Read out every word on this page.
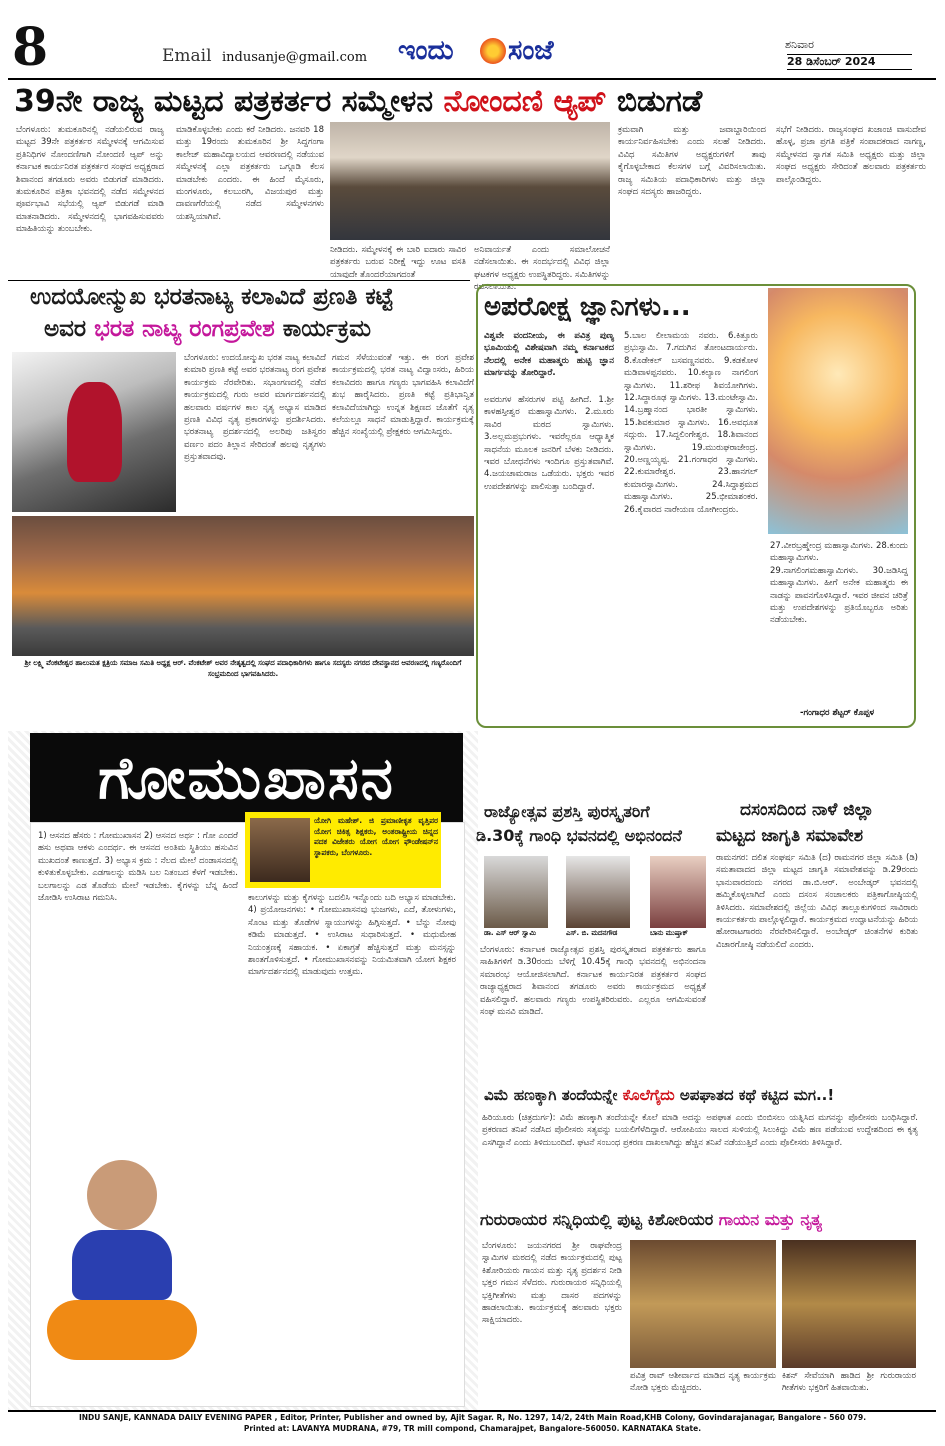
8	Email indusanje@gmail.com ಇಂದು ಸಂಜೆ	ಶನಿವಾರ
28 ಡಿಸೆಂಬರ್ 2024
39ನೇ ರಾಜ್ಯ ಮಟ್ಟದ ಪತ್ರಕರ್ತರ ಸಮ್ಮೇಳನ ನೋಂದಣಿ ಆ್ಯಪ್ ಬಿಡುಗಡೆ
ಬೆಂಗಳೂರು: ತುಮಕೂರಿನಲ್ಲಿ ನಡೆಯಲಿರುವ ರಾಜ್ಯ ಮಟ್ಟದ 39ನೇ ಪತ್ರಕರ್ತರ ಸಮ್ಮೇಳನಕ್ಕೆ ಆಗಮಿಸುವ ಪ್ರತಿನಿಧಿಗಳ ನೋಂದಣಿಗಾಗಿ ನೋಂದಣಿ ಆ್ಯಪ್ ಅನ್ನು ಕರ್ನಾಟಕ ಕಾರ್ಯನಿರತ ಪತ್ರಕರ್ತರ ಸಂಘದ ಅಧ್ಯಕ್ಷರಾದ ಶಿವಾನಂದ ತಗಡೂರು ಅವರು ಬಿಡುಗಡೆ ಮಾಡಿದರು. ತುಮಕೂರಿನ ಪತ್ರಿಕಾ ಭವನದಲ್ಲಿ ನಡೆದ ಸಮ್ಮೇಳನದ ಪೂರ್ವಭಾವಿ ಸಭೆಯಲ್ಲಿ ಆ್ಯಪ್ ಬಿಡುಗಡೆ ಮಾಡಿ ಮಾತನಾಡಿದರು. ಸಮ್ಮೇಳನದಲ್ಲಿ ಭಾಗವಹಿಸುವವರು ಮಾಹಿತಿಯನ್ನು ತುಂಬಬೇಕು.
ಮಾಡಿಕೊಳ್ಳಬೇಕು ಎಂದು ಕರೆ ನೀಡಿದರು. ಜನವರಿ 18 ಮತ್ತು 19ರಂದು ತುಮಕೂರಿನ ಶ್ರೀ ಸಿದ್ದಗಂಗಾ ಕಾಲೇಜ್ ಮಹಾವಿದ್ಯಾಲಯದ ಆವರಣದಲ್ಲಿ ನಡೆಯುವ ಸಮ್ಮೇಳನಕ್ಕೆ ಎಲ್ಲಾ ಪತ್ರಕರ್ತರು ಒಗ್ಗೂಡಿ ಕೆಲಸ ಮಾಡಬೇಕು ಎಂದರು. ಈ ಹಿಂದೆ ಮೈಸೂರು, ಮಂಗಳೂರು, ಕಲಬುರಗಿ, ವಿಜಯಪುರ ಮತ್ತು ದಾವಣಗೆರೆಯಲ್ಲಿ ನಡೆದ ಸಮ್ಮೇಳನಗಳು ಯಶಸ್ವಿಯಾಗಿವೆ.
ನೀಡಿದರು. ಸಮ್ಮೇಳನಕ್ಕೆ ಈ ಬಾರಿ ಐದಾರು ಸಾವಿರ ಪತ್ರಕರ್ತರು ಬರುವ ನಿರೀಕ್ಷೆ ಇದ್ದು ಊಟ ವಸತಿ ಯಾವುದೇ ತೊಂದರೆಯಾಗದಂತೆ
ಅನಿವಾರ್ಯತೆ ಎಂದು ಸಮಾಲೋಚನೆ ನಡೆಸಲಾಯಿತು. ಈ ಸಂದರ್ಭದಲ್ಲಿ ವಿವಿಧ ಜಿಲ್ಲಾ ಘಟಕಗಳ ಅಧ್ಯಕ್ಷರು ಉಪಸ್ಥಿತರಿದ್ದರು. ಸಮಿತಿಗಳನ್ನು ರಚಿಸಲಾಯಿತು.
ಕ್ರಮವಾಗಿ ಮತ್ತು ಜವಾಬ್ದಾರಿಯಿಂದ ಕಾರ್ಯನಿರ್ವಹಿಸಬೇಕು ಎಂದು ಸಲಹೆ ನೀಡಿದರು. ವಿವಿಧ ಸಮಿತಿಗಳ ಅಧ್ಯಕ್ಷರುಗಳಿಗೆ ತಾವು ಕೈಗೊಳ್ಳಬೇಕಾದ ಕೆಲಸಗಳ ಬಗ್ಗೆ ವಿವರಿಸಲಾಯಿತು. ರಾಜ್ಯ ಸಮಿತಿಯ ಪದಾಧಿಕಾರಿಗಳು ಮತ್ತು ಜಿಲ್ಲಾ ಸಂಘದ ಸದಸ್ಯರು ಹಾಜರಿದ್ದರು.
ಸಭೆಗೆ ನೀಡಿದರು. ರಾಜ್ಯಸಂಘದ ಖಜಾಂಚಿ ವಾಸುದೇವ ಹೊಳ್ಳ, ಪ್ರಜಾ ಪ್ರಗತಿ ಪತ್ರಿಕೆ ಸಂಪಾದಕರಾದ ನಾಗಣ್ಣ, ಸಮ್ಮೇಳನದ ಸ್ವಾಗತ ಸಮಿತಿ ಅಧ್ಯಕ್ಷರು ಮತ್ತು ಜಿಲ್ಲಾ ಸಂಘದ ಅಧ್ಯಕ್ಷರು ಸೇರಿದಂತೆ ಹಲವಾರು ಪತ್ರಕರ್ತರು ಪಾಲ್ಗೊಂಡಿದ್ದರು.
ಉದಯೋನ್ಮುಖ ಭರತನಾಟ್ಯ ಕಲಾವಿದೆ ಪ್ರಣತಿ ಕಟ್ಟೆ
ಅವರ ಭರತ ನಾಟ್ಯ ರಂಗಪ್ರವೇಶ ಕಾರ್ಯಕ್ರಮ
ಬೆಂಗಳೂರು: ಉದಯೋನ್ಮುಖ ಭರತ ನಾಟ್ಯ ಕಲಾವಿದೆ ಕುಮಾರಿ ಪ್ರಣತಿ ಕಟ್ಟೆ ಅವರ ಭರತನಾಟ್ಯ ರಂಗ ಪ್ರವೇಶ ಕಾರ್ಯಕ್ರಮ ನೆರವೇರಿತು. ಸಭಾಂಗಣದಲ್ಲಿ ನಡೆದ ಕಾರ್ಯಕ್ರಮದಲ್ಲಿ ಗುರು ಅವರ ಮಾರ್ಗದರ್ಶನದಲ್ಲಿ ಹಲವಾರು ವರ್ಷಗಳ ಕಾಲ ನೃತ್ಯ ಅಭ್ಯಾಸ ಮಾಡಿದ ಪ್ರಣತಿ ವಿವಿಧ ನೃತ್ಯ ಪ್ರಕಾರಗಳನ್ನು ಪ್ರದರ್ಶಿಸಿದರು. ಭರತನಾಟ್ಯ ಪ್ರದರ್ಶನದಲ್ಲಿ ಅಲರಿಪು ಜತಿಸ್ವರಂ ವರ್ಣಂ ಪದಂ ತಿಲ್ಲಾನ ಸೇರಿದಂತೆ ಹಲವು ನೃತ್ಯಗಳು ಪ್ರಸ್ತುತವಾದವು.
ಗಮನ ಸೆಳೆಯುವಂತೆ ಇತ್ತು. ಈ ರಂಗ ಪ್ರವೇಶ ಕಾರ್ಯಕ್ರಮದಲ್ಲಿ ಭರತ ನಾಟ್ಯ ವಿದ್ವಾಂಸರು, ಹಿರಿಯ ಕಲಾವಿದರು ಹಾಗೂ ಗಣ್ಯರು ಭಾಗವಹಿಸಿ ಕಲಾವಿದೆಗೆ ಶುಭ ಹಾರೈಸಿದರು. ಪ್ರಣತಿ ಕಟ್ಟೆ ಪ್ರತಿಭಾನ್ವಿತ ಕಲಾವಿದೆಯಾಗಿದ್ದು ಉನ್ನತ ಶಿಕ್ಷಣದ ಜೊತೆಗೆ ನೃತ್ಯ ಕಲೆಯಲ್ಲೂ ಸಾಧನೆ ಮಾಡುತ್ತಿದ್ದಾರೆ. ಕಾರ್ಯಕ್ರಮಕ್ಕೆ ಹೆಚ್ಚಿನ ಸಂಖ್ಯೆಯಲ್ಲಿ ಪ್ರೇಕ್ಷಕರು ಆಗಮಿಸಿದ್ದರು.
ಶ್ರೀ ಲಕ್ಷ್ಮಿ ವೆಂಕಟೇಶ್ವರ ಹಾಲುಮತ ಕ್ಷತ್ರಿಯ ಸಮಾಜ ಸಮಿತಿ ಅಧ್ಯಕ್ಷ ಆರ್. ವೆಂಕಟೇಶ್ ಅವರ ನೇತೃತ್ವದಲ್ಲಿ ಸಂಘದ ಪದಾಧಿಕಾರಿಗಳು ಹಾಗೂ ಸದಸ್ಯರು ನಗರದ ದೇವಸ್ಥಾನದ ಆವರಣದಲ್ಲಿ ಗಣ್ಯರೊಂದಿಗೆ ಸಂಭ್ರಮದಿಂದ ಭಾಗವಹಿಸಿದರು.
ಅಪರೋಕ್ಷ ಜ್ಞಾನಿಗಳು...
ವಿಶ್ವವೇ ವಂದನೀಯ, ಈ ಪವಿತ್ರ ಪುಣ್ಯ ಭೂಮಿಯಲ್ಲಿ ವಿಶೇಷವಾಗಿ ನಮ್ಮ ಕರ್ನಾಟಕದ ನೆಲದಲ್ಲಿ ಅನೇಕ ಮಹಾತ್ಮರು ಹುಟ್ಟಿ ಜ್ಞಾನ ಮಾರ್ಗವನ್ನು ತೋರಿದ್ದಾರೆ.
ಅವರುಗಳ ಹೆಸರುಗಳ ಪಟ್ಟಿ ಹೀಗಿದೆ. 1.ಶ್ರೀ ಕಾಳಹಸ್ತೀಶ್ವರ ಮಹಾಸ್ವಾಮಿಗಳು. 2.ಮೂರು ಸಾವಿರ ಮಠದ ಸ್ವಾಮಿಗಳು. 3.ಅಲ್ಲಮಪ್ರಭುಗಳು. ಇವರೆಲ್ಲರೂ ಆಧ್ಯಾತ್ಮಿಕ ಸಾಧನೆಯ ಮೂಲಕ ಜನರಿಗೆ ಬೆಳಕು ನೀಡಿದರು. ಇವರ ಬೋಧನೆಗಳು ಇಂದಿಗೂ ಪ್ರಸ್ತುತವಾಗಿವೆ. 4.ಜಯಚಾಮರಾಜ ಒಡೆಯರು. ಭಕ್ತರು ಇವರ ಉಪದೇಶಗಳನ್ನು ಪಾಲಿಸುತ್ತಾ ಬಂದಿದ್ದಾರೆ.
5.ಬಾಲ ಲೀಲಾಮಯ ನವರು. 6.ಕಿತ್ತೂರು ಪ್ರಭುಸ್ವಾಮಿ. 7.ಗದುಗಿನ ತೋಂಟದಾರ್ಯರು. 8.ಕೊಡೇಕಲ್ ಬಸವಣ್ಣನವರು. 9.ಕಡಕೋಳ ಮಡಿವಾಳಪ್ಪನವರು. 10.ಕಲ್ಯಾಣ ನಾಗಲಿಂಗ ಸ್ವಾಮಿಗಳು. 11.ಶರೀಫ ಶಿವಯೋಗಿಗಳು. 12.ಸಿದ್ಧಾರೂಢ ಸ್ವಾಮಿಗಳು. 13.ಮಂಟೇಸ್ವಾಮಿ. 14.ಬ್ರಹ್ಮಾನಂದ ಭಾರತೀ ಸ್ವಾಮಿಗಳು. 15.ಶಿವಕುಮಾರ ಸ್ವಾಮಿಗಳು. 16.ಅವಧೂತ ಸದ್ಗುರು. 17.ಸಿದ್ದಲಿಂಗೇಶ್ವರ. 18.ಶಿವಾನಂದ ಸ್ವಾಮಿಗಳು. 19.ಮುರುಘರಾಜೇಂದ್ರ. 20.ಅಣ್ಣಯ್ಯಪ್ಪ. 21.ಗಂಗಾಧರ ಸ್ವಾಮಿಗಳು. 22.ಕುಮಾರೇಶ್ವರ. 23.ಹಾನಗಲ್ ಕುಮಾರಸ್ವಾಮಿಗಳು. 24.ಸಿದ್ದಾಶ್ರಮದ ಮಹಾಸ್ವಾಮಿಗಳು. 25.ಭೀಮಾಶಂಕರ. 26.ಕೈವಾರದ ನಾರೇಯಣ ಯೋಗೀಂದ್ರರು.
27.ವೀರಬ್ರಹ್ಮೇಂದ್ರ ಮಹಾಸ್ವಾಮಿಗಳು. 28.ಕುಂದು ಮಹಾಸ್ವಾಮಿಗಳು. 29.ನಾಗಲಿಂಗಮಹಾಸ್ವಾಮಿಗಳು. 30.ಜಡಿಸಿದ್ದ ಮಹಾಸ್ವಾಮಿಗಳು. ಹೀಗೆ ಅನೇಕ ಮಹಾತ್ಮರು ಈ ನಾಡನ್ನು ಪಾವನಗೊಳಿಸಿದ್ದಾರೆ. ಇವರ ಜೀವನ ಚರಿತ್ರೆ ಮತ್ತು ಉಪದೇಶಗಳನ್ನು ಪ್ರತಿಯೊಬ್ಬರೂ ಅರಿತು ನಡೆಯಬೇಕು.
-ಗಂಗಾಧರ ಶೆಟ್ಟರ್ ಕೊಪ್ಪಳ
ಗೋಮುಖಾಸನ
ಯೋಗಿ ಮಹೇಶ್. ಜಿ ಪ್ರಮಾಣೀಕೃತ ವೃತ್ತಿಪರ ಯೋಗ ಚಿಕಿತ್ಸ ಶಿಕ್ಷಕರು, ಅಂತರಾಷ್ಟ್ರೀಯ ಚಿನ್ನದ ಪದಕ ವಿಜೇತರು ಯೋಗ ಯೋಗ ಫೌಂಡೇಷನ್‌ನ ಸ್ಥಾಪಕರು, ಬೆಂಗಳೂರು.
1) ಆಸನದ ಹೆಸರು : ಗೋಮುಖಾಸನ 2) ಆಸನದ ಅರ್ಥ : ಗೋ ಎಂದರೆ ಹಸು ಅಥವಾ ಆಕಳು ಎಂದರ್ಥ. ಈ ಆಸನದ ಅಂತಿಮ ಸ್ಥಿತಿಯು ಹಸುವಿನ ಮುಖದಂತೆ ಕಾಣುತ್ತದೆ. 3) ಅಭ್ಯಾಸ ಕ್ರಮ : ನೆಲದ ಮೇಲೆ ದಂಡಾಸನದಲ್ಲಿ ಕುಳಿತುಕೊಳ್ಳಬೇಕು. ಎಡಗಾಲನ್ನು ಮಡಿಸಿ ಬಲ ನಿತಂಬದ ಕೆಳಗೆ ಇಡಬೇಕು. ಬಲಗಾಲನ್ನು ಎಡ ತೊಡೆಯ ಮೇಲೆ ಇಡಬೇಕು. ಕೈಗಳನ್ನು ಬೆನ್ನ ಹಿಂದೆ ಜೋಡಿಸಿ ಉಸಿರಾಟ ಗಮನಿಸಿ.	ಕಾಲುಗಳನ್ನು ಮತ್ತು ಕೈಗಳನ್ನು ಬದಲಿಸಿ ಇನ್ನೊಂದು ಬದಿ ಅಭ್ಯಾಸ ಮಾಡಬೇಕು. 4) ಪ್ರಯೋಜನಗಳು: • ಗೋಮುಖಾಸನವು ಭುಜಗಳು, ಎದೆ, ತೋಳುಗಳು, ಸೊಂಟ ಮತ್ತು ತೊಡೆಗಳ ಸ್ನಾಯುಗಳನ್ನು ಹಿಗ್ಗಿಸುತ್ತದೆ. • ಬೆನ್ನು ನೋವು ಕಡಿಮೆ ಮಾಡುತ್ತದೆ. • ಉಸಿರಾಟ ಸುಧಾರಿಸುತ್ತದೆ. • ಮಧುಮೇಹ ನಿಯಂತ್ರಣಕ್ಕೆ ಸಹಾಯಕ. • ಏಕಾಗ್ರತೆ ಹೆಚ್ಚಿಸುತ್ತದೆ ಮತ್ತು ಮನಸ್ಸನ್ನು ಶಾಂತಗೊಳಿಸುತ್ತದೆ. • ಗೋಮುಖಾಸನವನ್ನು ನಿಯಮಿತವಾಗಿ ಯೋಗ ಶಿಕ್ಷಕರ ಮಾರ್ಗದರ್ಶನದಲ್ಲಿ ಮಾಡುವುದು ಉತ್ತಮ.
ರಾಜ್ಯೋತ್ಸವ ಪ್ರಶಸ್ತಿ ಪುರಸ್ಕೃತರಿಗೆ
ಡಿ.30ಕ್ಕೆ ಗಾಂಧಿ ಭವನದಲ್ಲಿ ಅಭಿನಂದನೆ
ಡಾ. ಎಸ್ ಆರ್ ಸ್ವಾಮಿ	ಎಸ್. ಬಿ. ಮದನಗೌಡ	ಬಾನು ಮುಷ್ತಾಕ್
ಬೆಂಗಳೂರು: ಕರ್ನಾಟಕ ರಾಜ್ಯೋತ್ಸವ ಪ್ರಶಸ್ತಿ ಪುರಸ್ಕೃತರಾದ ಪತ್ರಕರ್ತರು ಹಾಗೂ ಸಾಹಿತಿಗಳಿಗೆ ಡಿ.30ರಂದು ಬೆಳಿಗ್ಗೆ 10.45ಕ್ಕೆ ಗಾಂಧಿ ಭವನದಲ್ಲಿ ಅಭಿನಂದನಾ ಸಮಾರಂಭ ಆಯೋಜಿಸಲಾಗಿದೆ. ಕರ್ನಾಟಕ ಕಾರ್ಯನಿರತ ಪತ್ರಕರ್ತರ ಸಂಘದ ರಾಜ್ಯಾಧ್ಯಕ್ಷರಾದ ಶಿವಾನಂದ ತಗಡೂರು ಅವರು ಕಾರ್ಯಕ್ರಮದ ಅಧ್ಯಕ್ಷತೆ ವಹಿಸಲಿದ್ದಾರೆ. ಹಲವಾರು ಗಣ್ಯರು ಉಪಸ್ಥಿತರಿರುವರು. ಎಲ್ಲರೂ ಆಗಮಿಸುವಂತೆ ಸಂಘ ಮನವಿ ಮಾಡಿದೆ.
ದಸಂಸದಿಂದ ನಾಳೆ ಜಿಲ್ಲಾ
ಮಟ್ಟದ ಜಾಗೃತಿ ಸಮಾವೇಶ
ರಾಮನಗರ: ದಲಿತ ಸಂಘರ್ಷ ಸಮಿತಿ (ದ) ರಾಮನಗರ ಜಿಲ್ಲಾ ಸಮಿತಿ (ಡಿ) ಸಮತಾವಾದದ ಜಿಲ್ಲಾ ಮಟ್ಟದ ಜಾಗೃತಿ ಸಮಾವೇಶವನ್ನು ಡಿ.29ರಂದು ಭಾನುವಾರದಂದು ನಗರದ ಡಾ.ಬಿ.ಆರ್. ಅಂಬೇಡ್ಕರ್ ಭವನದಲ್ಲಿ ಹಮ್ಮಿಕೊಳ್ಳಲಾಗಿದೆ ಎಂದು ದಸಂಸ ಸಂಚಾಲಕರು ಪತ್ರಿಕಾಗೋಷ್ಠಿಯಲ್ಲಿ ತಿಳಿಸಿದರು. ಸಮಾವೇಶದಲ್ಲಿ ಜಿಲ್ಲೆಯ ವಿವಿಧ ತಾಲ್ಲೂಕುಗಳಿಂದ ಸಾವಿರಾರು ಕಾರ್ಯಕರ್ತರು ಪಾಲ್ಗೊಳ್ಳಲಿದ್ದಾರೆ. ಕಾರ್ಯಕ್ರಮದ ಉದ್ಘಾಟನೆಯನ್ನು ಹಿರಿಯ ಹೋರಾಟಗಾರರು ನೆರವೇರಿಸಲಿದ್ದಾರೆ. ಅಂಬೇಡ್ಕರ್ ಚಿಂತನೆಗಳ ಕುರಿತು ವಿಚಾರಗೋಷ್ಠಿ ನಡೆಯಲಿದೆ ಎಂದರು.
ವಿಮೆ ಹಣಕ್ಕಾಗಿ ತಂದೆಯನ್ನೇ ಕೊಲೆಗೈದು ಅಪಘಾತದ ಕಥೆ ಕಟ್ಟಿದ ಮಗ..!
ಹಿರಿಯೂರು (ಚಿತ್ರದುರ್ಗ): ವಿಮೆ ಹಣಕ್ಕಾಗಿ ತಂದೆಯನ್ನೇ ಕೊಲೆ ಮಾಡಿ ಅದನ್ನು ಅಪಘಾತ ಎಂದು ಬಿಂಬಿಸಲು ಯತ್ನಿಸಿದ ಮಗನನ್ನು ಪೊಲೀಸರು ಬಂಧಿಸಿದ್ದಾರೆ. ಪ್ರಕರಣದ ತನಿಖೆ ನಡೆಸಿದ ಪೊಲೀಸರು ಸತ್ಯವನ್ನು ಬಯಲಿಗೆಳೆದಿದ್ದಾರೆ. ಆರೋಪಿಯು ಸಾಲದ ಸುಳಿಯಲ್ಲಿ ಸಿಲುಕಿದ್ದು ವಿಮೆ ಹಣ ಪಡೆಯುವ ಉದ್ದೇಶದಿಂದ ಈ ಕೃತ್ಯ ಎಸಗಿದ್ದಾನೆ ಎಂದು ತಿಳಿದುಬಂದಿದೆ. ಘಟನೆ ಸಂಬಂಧ ಪ್ರಕರಣ ದಾಖಲಾಗಿದ್ದು ಹೆಚ್ಚಿನ ತನಿಖೆ ನಡೆಯುತ್ತಿದೆ ಎಂದು ಪೊಲೀಸರು ತಿಳಿಸಿದ್ದಾರೆ.
ಗುರುರಾಯರ ಸನ್ನಿಧಿಯಲ್ಲಿ ಪುಟ್ಟ ಕಿಶೋರಿಯರ ಗಾಯನ ಮತ್ತು ನೃತ್ಯ
ಬೆಂಗಳೂರು: ಜಯನಗರದ ಶ್ರೀ ರಾಘವೇಂದ್ರ ಸ್ವಾಮಿಗಳ ಮಠದಲ್ಲಿ ನಡೆದ ಕಾರ್ಯಕ್ರಮದಲ್ಲಿ ಪುಟ್ಟ ಕಿಶೋರಿಯರು ಗಾಯನ ಮತ್ತು ನೃತ್ಯ ಪ್ರದರ್ಶನ ನೀಡಿ ಭಕ್ತರ ಗಮನ ಸೆಳೆದರು. ಗುರುರಾಯರ ಸನ್ನಿಧಿಯಲ್ಲಿ ಭಕ್ತಿಗೀತೆಗಳು ಮತ್ತು ದಾಸರ ಪದಗಳನ್ನು ಹಾಡಲಾಯಿತು. ಕಾರ್ಯಕ್ರಮಕ್ಕೆ ಹಲವಾರು ಭಕ್ತರು ಸಾಕ್ಷಿಯಾದರು.
ಪವಿತ್ರ ರಾವ್ ಆಶೀರ್ವಾದ ಮಾಡಿದ ನೃತ್ಯ ಕಾರ್ಯಕ್ರಮ ನೋಡಿ ಭಕ್ತರು ಮೆಚ್ಚಿದರು.
ಕಿಶನ್ ಸೇವೆಯಾಗಿ ಹಾಡಿದ ಶ್ರೀ ಗುರುರಾಯರ ಗೀತೆಗಳು ಭಕ್ತರಿಗೆ ಹಿತವಾಯಿತು.
INDU SANJE, KANNADA DAILY EVENING PAPER , Editor, Printer, Publisher and owned by, Ajit Sagar. R, No. 1297, 14/2, 24th Main Road,KHB Colony, Govindarajanagar, Bangalore - 560 079.
Printed at: LAVANYA MUDRANA, #79, TR mill compond, Chamarajpet, Bangalore-560050. KARNATAKA State.
